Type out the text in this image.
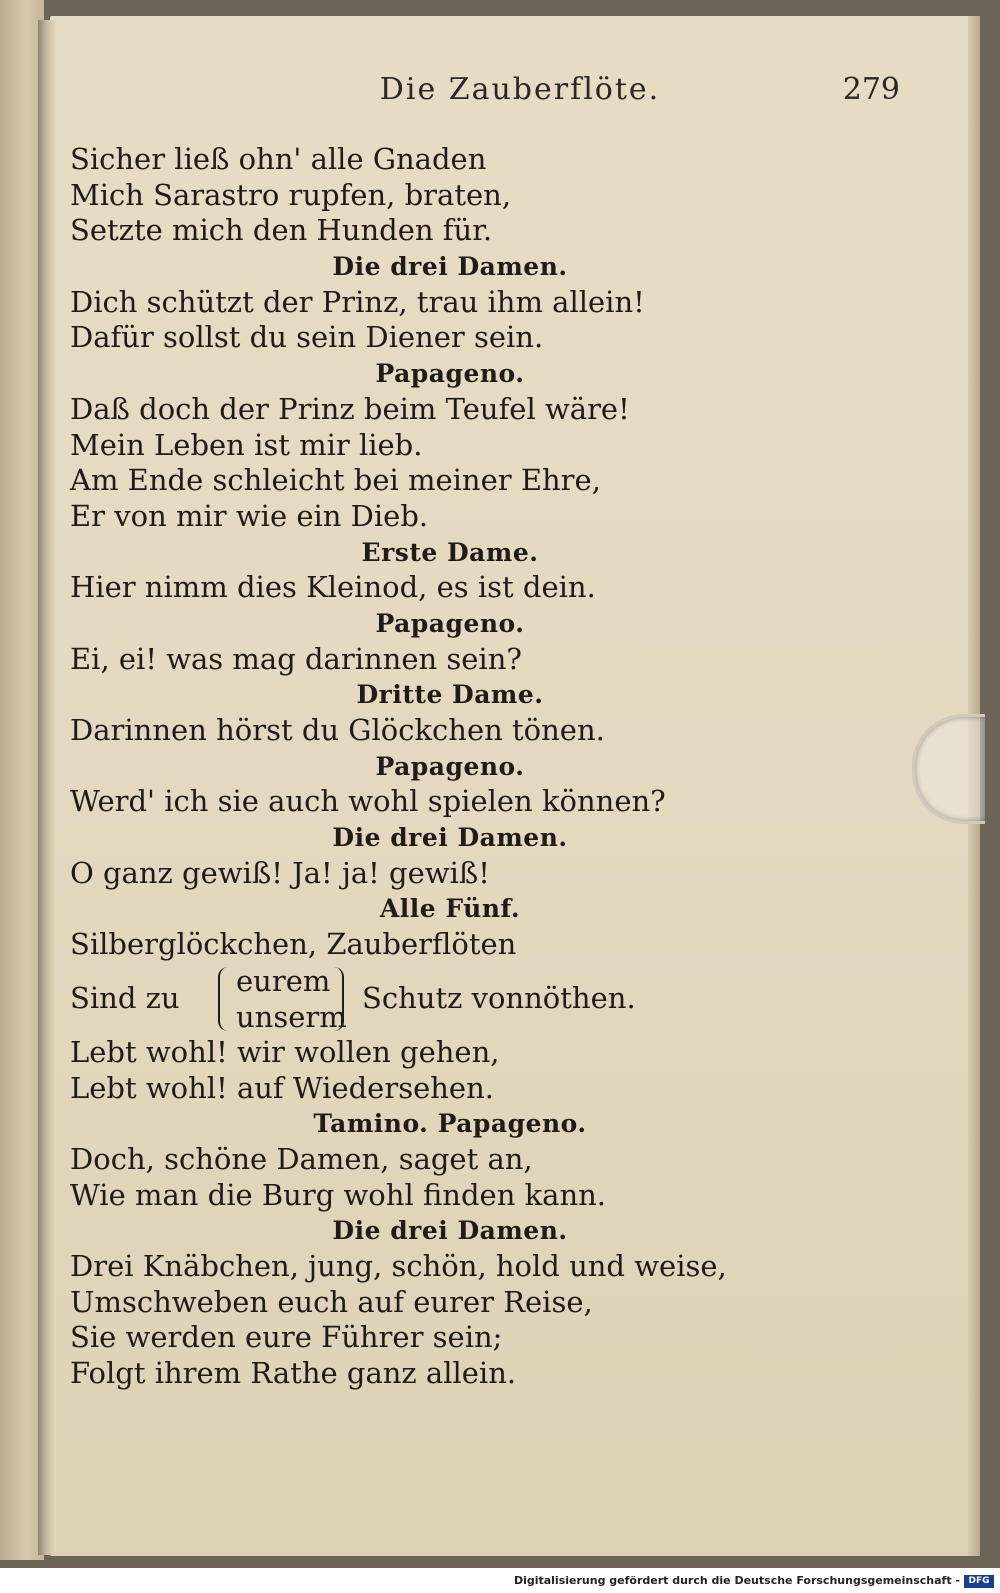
Die Zauberflöte.	279
Sicher ließ ohn' alle Gnaden
Mich Sarastro rupfen, braten,
Setzte mich den Hunden für.
Die drei Damen.
Dich schützt der Prinz, trau ihm allein!
Dafür sollst du sein Diener sein.
Papageno.
Daß doch der Prinz beim Teufel wäre!
Mein Leben ist mir lieb.
Am Ende schleicht bei meiner Ehre,
Er von mir wie ein Dieb.
Erste Dame.
Hier nimm dies Kleinod, es ist dein.
Papageno.
Ei, ei! was mag darinnen sein?
Dritte Dame.
Darinnen hörst du Glöckchen tönen.
Papageno.
Werd' ich sie auch wohl spielen können?
Die drei Damen.
O ganz gewiß! Ja! ja! gewiß!
Alle Fünf.
Silberglöckchen, Zauberflöten
Sind zu eurem
unserm
Schutz vonnöthen.
Lebt wohl! wir wollen gehen,
Lebt wohl! auf Wiedersehen.
Tamino. Papageno.
Doch, schöne Damen, saget an,
Wie man die Burg wohl finden kann.
Die drei Damen.
Drei Knäbchen, jung, schön, hold und weise,
Umschweben euch auf eurer Reise,
Sie werden eure Führer sein;
Folgt ihrem Rathe ganz allein.
Digitalisierung gefördert durch die Deutsche Forschungsgemeinschaft - DFG
